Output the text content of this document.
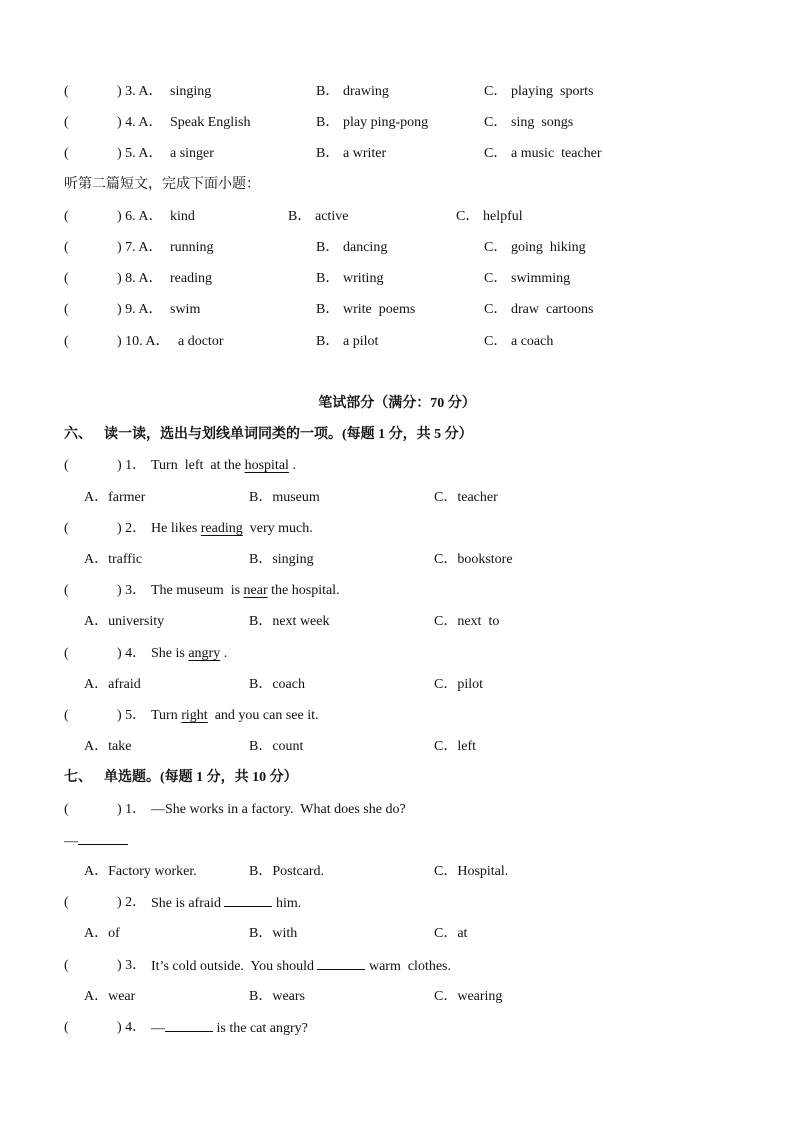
(	) 3. A． singing	B． drawing	C． playing  sports
(	) 4. A． Speak English	B． play ping-pong	C． sing  songs
(	) 5. A． a singer	B． a writer	C． a music  teacher
听第二篇短文，完成下面小题：
(	) 6. A． kind	B． active	C． helpful
(	) 7. A． running	B． dancing	C． going  hiking
(	) 8. A． reading	B． writing	C． swimming
(	) 9. A． swim	B． write  poems	C． draw  cartoons
(	) 10. A． a doctor	B． a pilot	C． a coach
笔试部分（满分：70 分）
六、 读一读，选出与划线单词同类的一项。(每题 1 分，共 5 分）
(	) 1． Turn  left  at the hospital .
A．farmer	B．museum	C．teacher
(	) 2． He likes reading  very much.
A．traffic	B．singing	C．bookstore
(	) 3． The museum  is near the hospital.
A．university	B．next week	C．next  to
(	) 4． She is angry .
A．afraid	B．coach	C．pilot
(	) 5． Turn right  and you can see it.
A．take	B．count	C．left
七、 单选题。(每题 1 分，共 10 分）
(	) 1． —She works in a factory.  What does she do?
—
A．Factory worker.	B．Postcard.	C．Hospital.
(	) 2． She is afraid	him.
A．of	B．with	C．at
(	) 3． It’s cold outside.  You should	warm  clothes.
A．wear	B．wears	C．wearing
(	) 4． —	is the cat angry?
